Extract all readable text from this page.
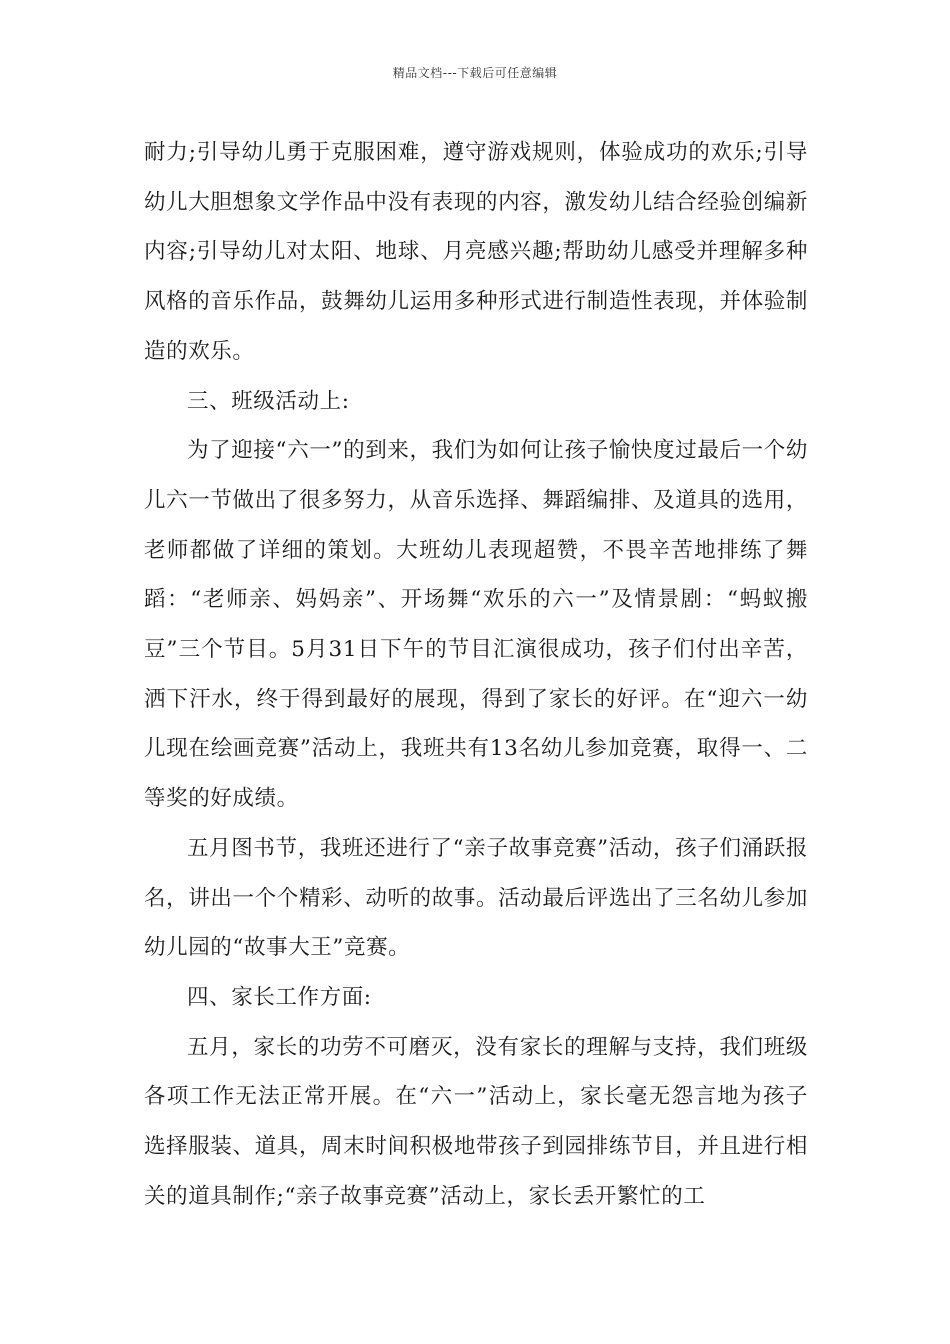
精品文档---下载后可任意编辑

耐力;引导幼儿勇于克服困难，遵守游戏规则，体验成功的欢乐;引导幼儿大胆想象文学作品中没有表现的内容，激发幼儿结合经验创编新内容;引导幼儿对太阳、地球、月亮感兴趣;帮助幼儿感受并理解多种风格的音乐作品，鼓舞幼儿运用多种形式进行制造性表现，并体验制造的欢乐。

三、班级活动上:

为了迎接“六一”的到来，我们为如何让孩子愉快度过最后一个幼儿六一节做出了很多努力，从音乐选择、舞蹈编排、及道具的选用，老师都做了详细的策划。大班幼儿表现超赞，不畏辛苦地排练了舞蹈：“老师亲、妈妈亲”、开场舞“欢乐的六一”及情景剧：“蚂蚁搬豆”三个节目。5月31日下午的节目汇演很成功，孩子们付出辛苦，洒下汗水，终于得到最好的展现，得到了家长的好评。在“迎六一幼儿现在绘画竞赛”活动上，我班共有13名幼儿参加竞赛，取得一、二等奖的好成绩。

五月图书节，我班还进行了“亲子故事竞赛”活动，孩子们涌跃报名，讲出一个个精彩、动听的故事。活动最后评选出了三名幼儿参加幼儿园的“故事大王”竞赛。

四、家长工作方面:

五月，家长的功劳不可磨灭，没有家长的理解与支持，我们班级各项工作无法正常开展。在“六一”活动上，家长毫无怨言地为孩子选择服装、道具，周末时间积极地带孩子到园排练节目，并且进行相关的道具制作;“亲子故事竞赛”活动上，家长丢开繁忙的工
